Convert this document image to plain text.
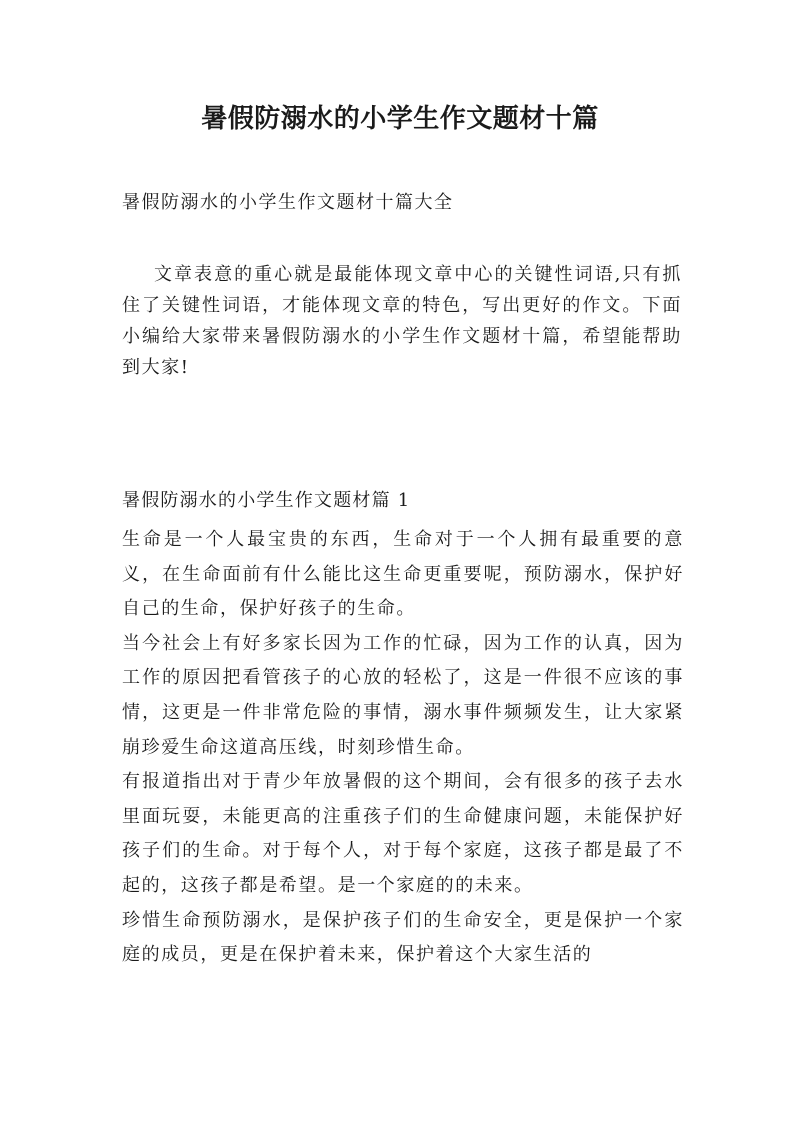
暑假防溺水的小学生作文题材十篇
暑假防溺水的小学生作文题材十篇大全

文章表意的重心就是最能体现文章中心的关键性词语,只有抓住了关键性词语，才能体现文章的特色，写出更好的作文。下面小编给大家带来暑假防溺水的小学生作文题材十篇，希望能帮助到大家!

暑假防溺水的小学生作文题材篇 1

生命是一个人最宝贵的东西，生命对于一个人拥有最重要的意义，在生命面前有什么能比这生命更重要呢，预防溺水，保护好自己的生命，保护好孩子的生命。

当今社会上有好多家长因为工作的忙碌，因为工作的认真，因为工作的原因把看管孩子的心放的轻松了，这是一件很不应该的事情，这更是一件非常危险的事情，溺水事件频频发生，让大家紧崩珍爱生命这道高压线，时刻珍惜生命。

有报道指出对于青少年放暑假的这个期间，会有很多的孩子去水里面玩耍，未能更高的注重孩子们的生命健康问题，未能保护好孩子们的生命。对于每个人，对于每个家庭，这孩子都是最了不起的，这孩子都是希望。是一个家庭的的未来。

珍惜生命预防溺水，是保护孩子们的生命安全，更是保护一个家庭的成员，更是在保护着未来，保护着这个大家生活的
